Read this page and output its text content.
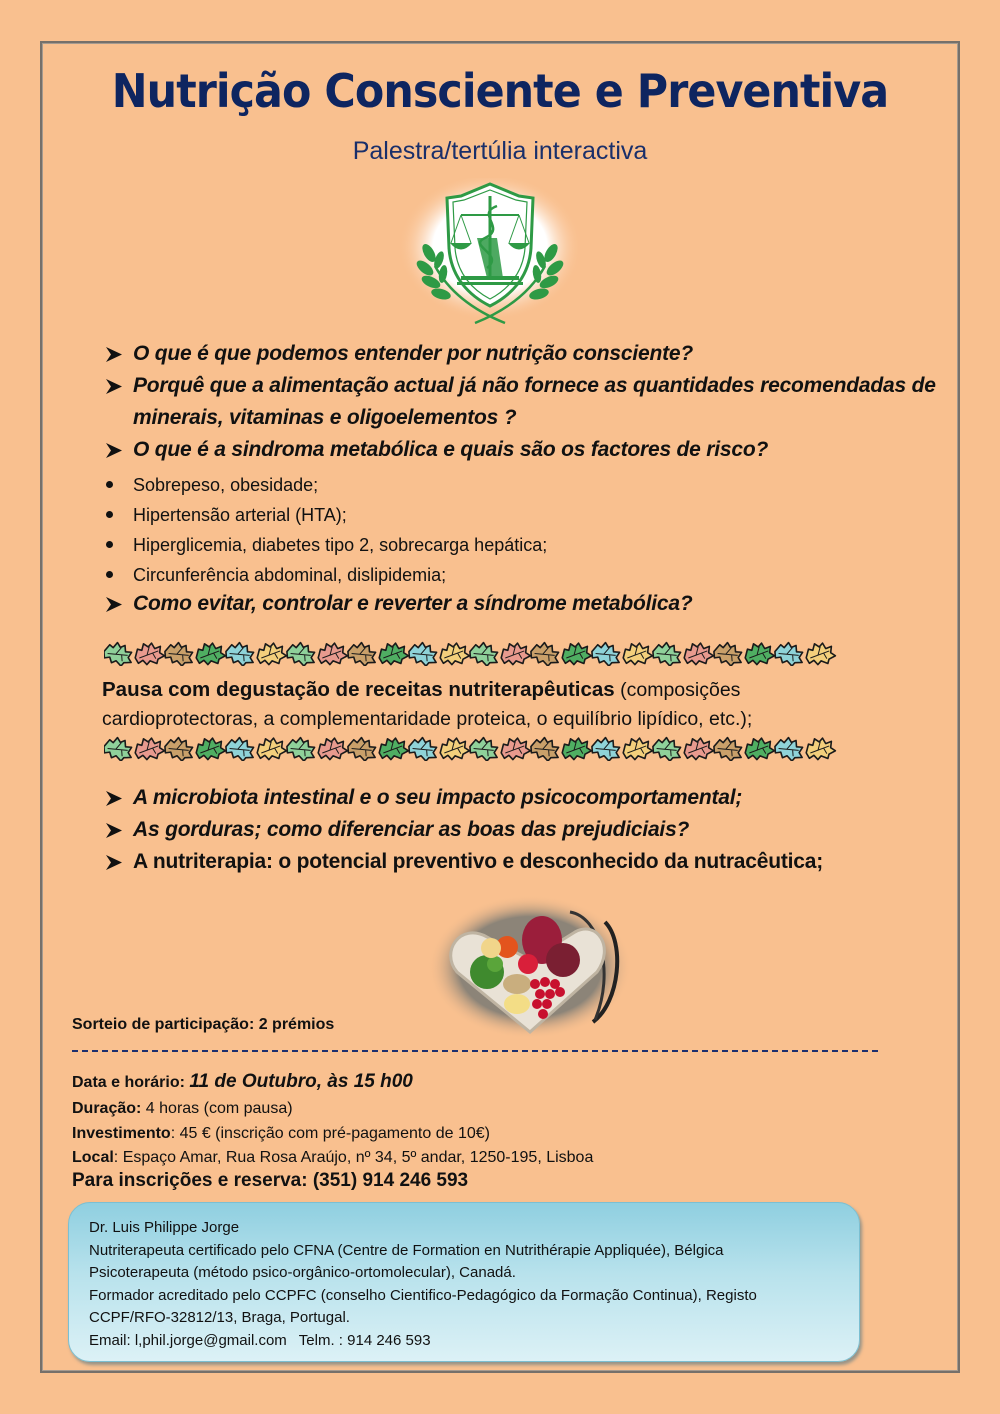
Nutrição Consciente e Preventiva
Palestra/tertúlia interactiva
O que é que podemos entender por nutrição consciente?
Porquê que a alimentação actual já não fornece as quantidades recomendadas de minerais, vitaminas e oligoelementos ?
O que é a sindroma metabólica e quais são os factores de risco?
Sobrepeso, obesidade;
Hipertensão arterial (HTA);
Hiperglicemia, diabetes tipo 2, sobrecarga hepática;
Circunferência abdominal, dislipidemia;
Como evitar, controlar e reverter a síndrome metabólica?
Pausa com degustação de receitas nutriterapêuticas (composições cardioprotectoras, a complementaridade proteica, o equilíbrio lipídico, etc.);
A microbiota intestinal e o seu impacto psicocomportamental;
As gorduras; como diferenciar as boas das prejudiciais?
A nutriterapia: o potencial preventivo e desconhecido da nutracêutica;
Sorteio de participação: 2 prémios
Data e horário: 11 de Outubro, às 15 h00
Duração: 4 horas (com pausa)
Investimento: 45 € (inscrição com pré-pagamento de 10€)
Local: Espaço Amar, Rua Rosa Araújo, nº 34, 5º andar, 1250-195, Lisboa
Para inscrições e reserva: (351) 914 246 593
Dr. Luis Philippe Jorge
Nutriterapeuta certificado pelo CFNA (Centre de Formation en Nutrithérapie Appliquée), Bélgica
Psicoterapeuta (método psico-orgânico-ortomolecular), Canadá.
Formador acreditado pelo CCPFC (conselho Cientifico-Pedagógico da Formação Continua), Registo
CCPF/RFO-32812/13, Braga, Portugal.
Email: l,phil.jorge@gmail.com Telm. : 914 246 593
